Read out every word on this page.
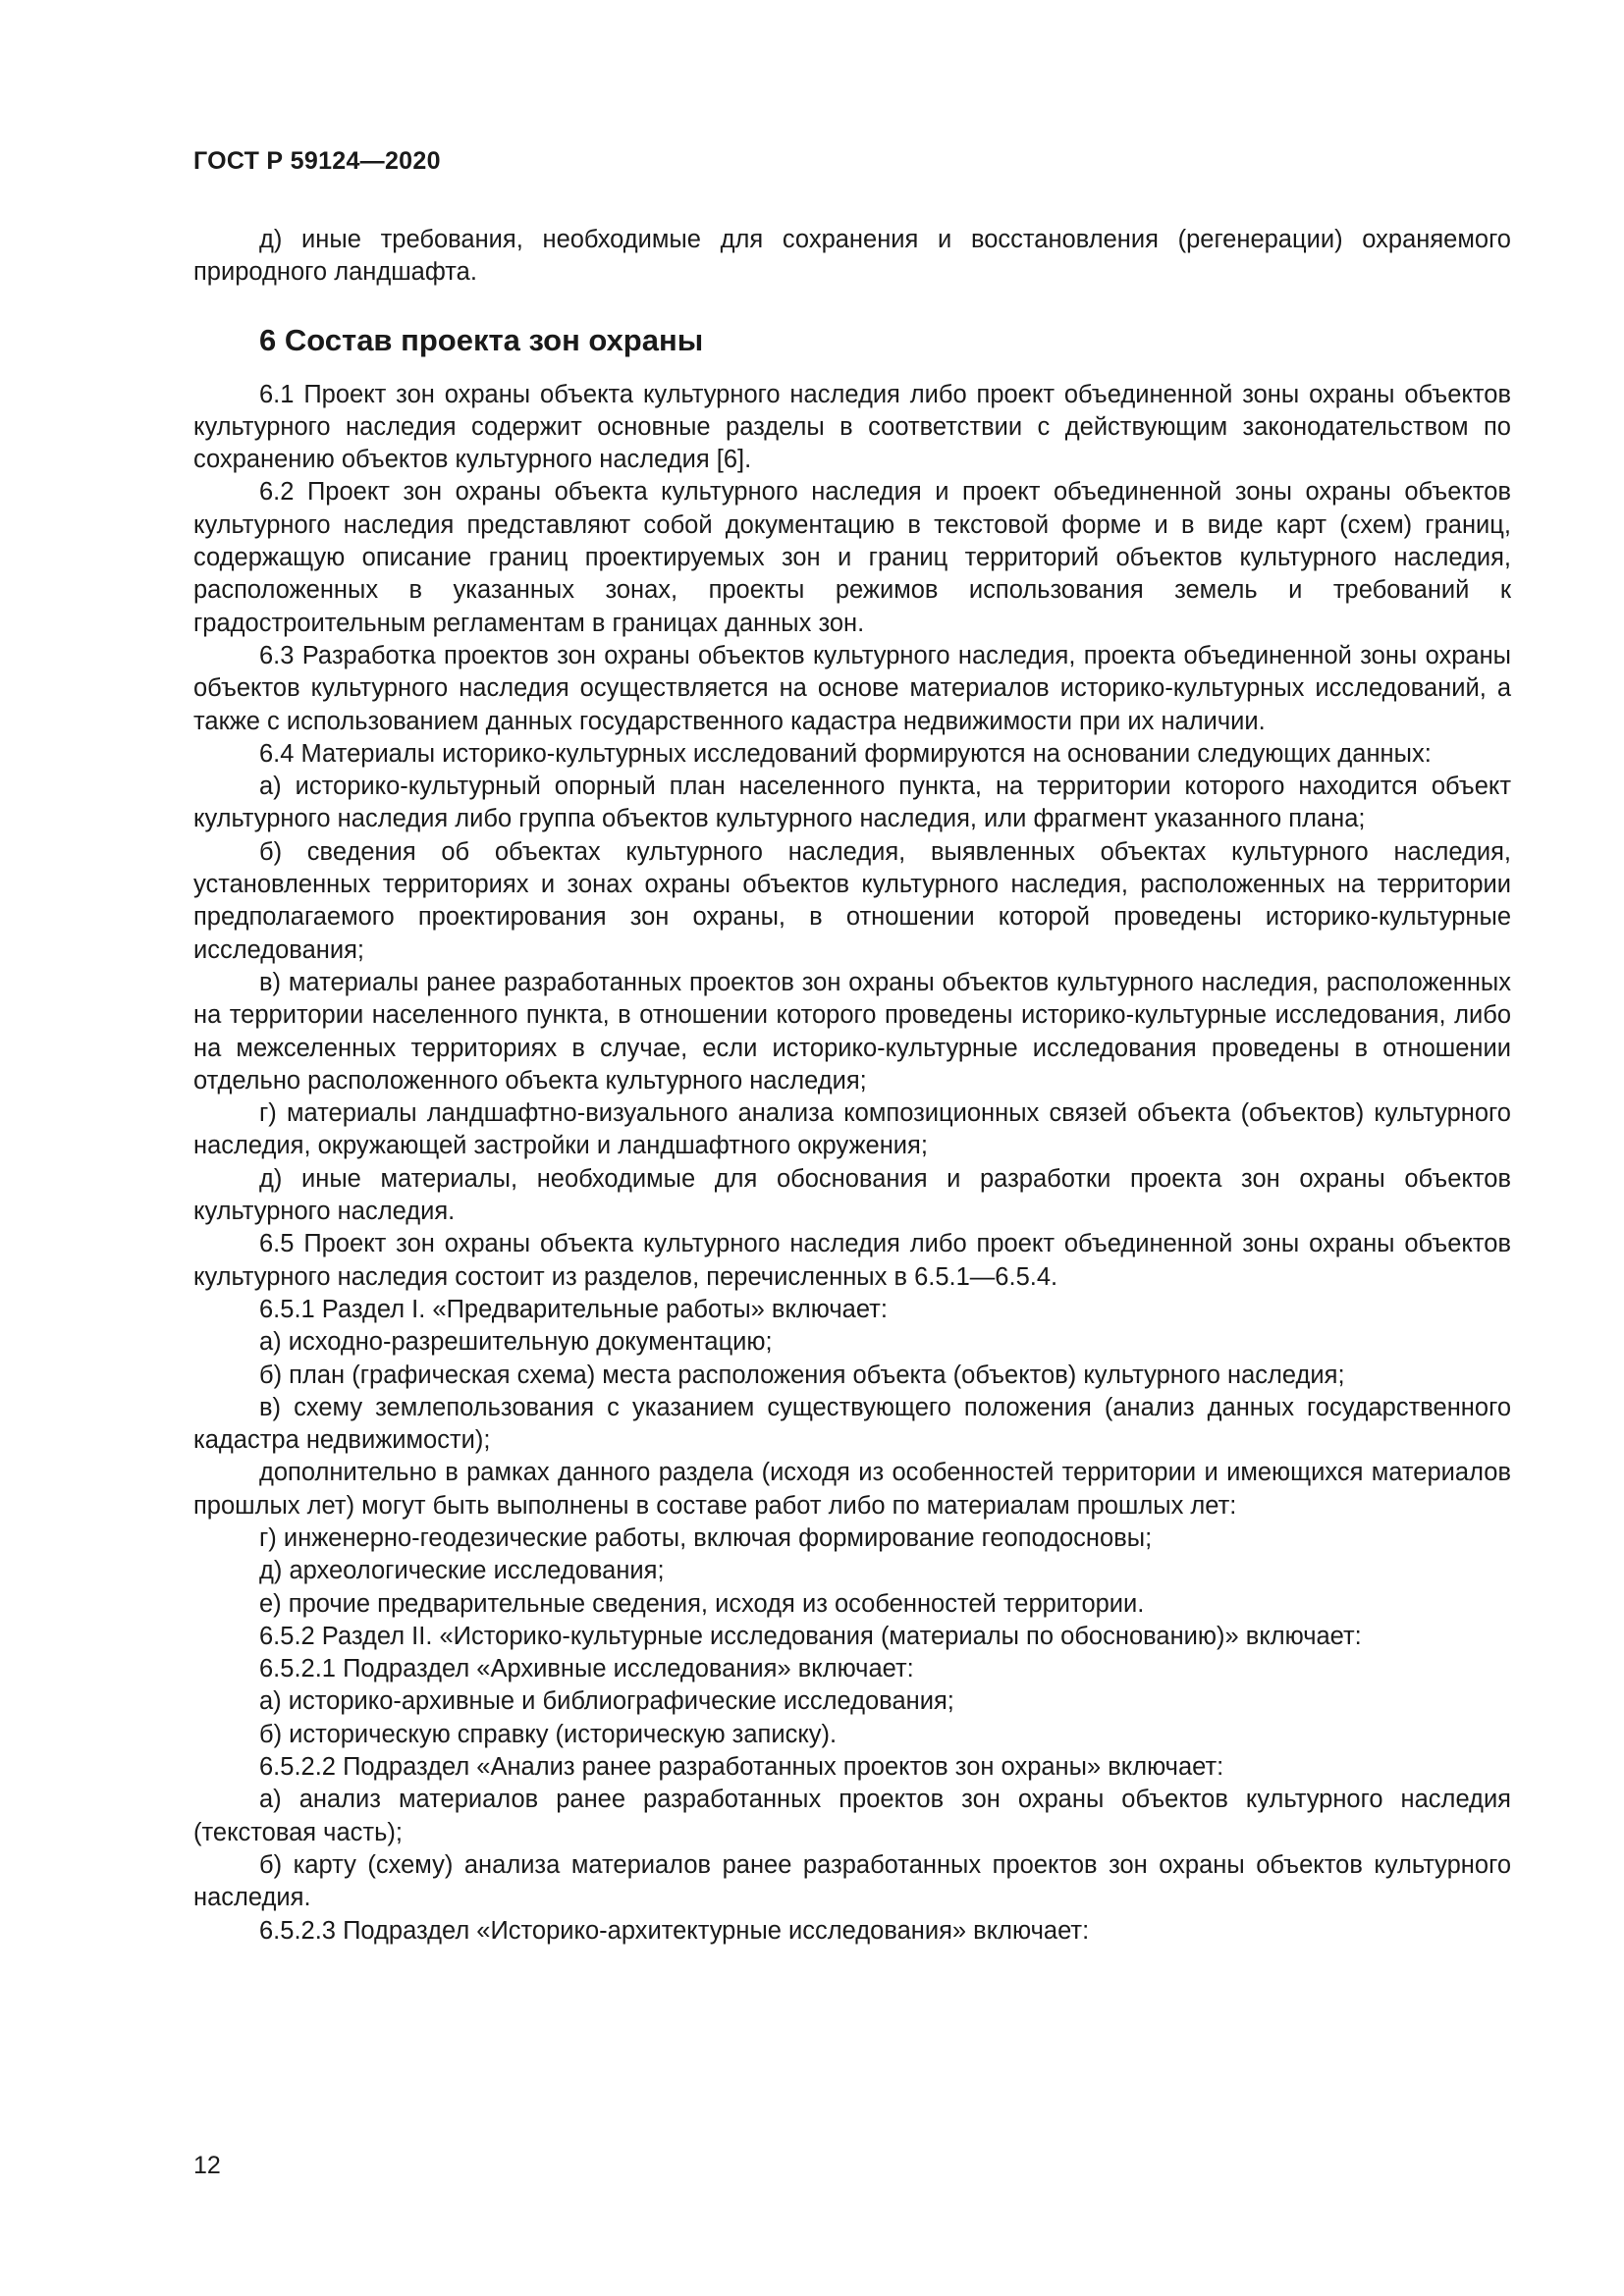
ГОСТ Р 59124—2020

д) иные требования, необходимые для сохранения и восстановления (регенерации) охраняемого природного ландшафта.

6 Состав проекта зон охраны

6.1 Проект зон охраны объекта культурного наследия либо проект объединенной зоны охраны объектов культурного наследия содержит основные разделы в соответствии с действующим законодательством по сохранению объектов культурного наследия [6].

6.2 Проект зон охраны объекта культурного наследия и проект объединенной зоны охраны объектов культурного наследия представляют собой документацию в текстовой форме и в виде карт (схем) границ, содержащую описание границ проектируемых зон и границ территорий объектов культурного наследия, расположенных в указанных зонах, проекты режимов использования земель и требований к градостроительным регламентам в границах данных зон.

6.3 Разработка проектов зон охраны объектов культурного наследия, проекта объединенной зоны охраны объектов культурного наследия осуществляется на основе материалов историко-культурных исследований, а также с использованием данных государственного кадастра недвижимости при их наличии.

6.4 Материалы историко-культурных исследований формируются на основании следующих данных:

а) историко-культурный опорный план населенного пункта, на территории которого находится объект культурного наследия либо группа объектов культурного наследия, или фрагмент указанного плана;

б) сведения об объектах культурного наследия, выявленных объектах культурного наследия, установленных территориях и зонах охраны объектов культурного наследия, расположенных на территории предполагаемого проектирования зон охраны, в отношении которой проведены историко-культурные исследования;

в) материалы ранее разработанных проектов зон охраны объектов культурного наследия, расположенных на территории населенного пункта, в отношении которого проведены историко-культурные исследования, либо на межселенных территориях в случае, если историко-культурные исследования проведены в отношении отдельно расположенного объекта культурного наследия;

г) материалы ландшафтно-визуального анализа композиционных связей объекта (объектов) культурного наследия, окружающей застройки и ландшафтного окружения;

д) иные материалы, необходимые для обоснования и разработки проекта зон охраны объектов культурного наследия.

6.5 Проект зон охраны объекта культурного наследия либо проект объединенной зоны охраны объектов культурного наследия состоит из разделов, перечисленных в 6.5.1—6.5.4.

6.5.1 Раздел I. «Предварительные работы» включает:

а) исходно-разрешительную документацию;

б) план (графическая схема) места расположения объекта (объектов) культурного наследия;

в) схему землепользования с указанием существующего положения (анализ данных государственного кадастра недвижимости);

дополнительно в рамках данного раздела (исходя из особенностей территории и имеющихся материалов прошлых лет) могут быть выполнены в составе работ либо по материалам прошлых лет:

г) инженерно-геодезические работы, включая формирование геоподосновы;

д) археологические исследования;

е) прочие предварительные сведения, исходя из особенностей территории.

6.5.2 Раздел II. «Историко-культурные исследования (материалы по обоснованию)» включает:

6.5.2.1 Подраздел «Архивные исследования» включает:

а) историко-архивные и библиографические исследования;

б) историческую справку (историческую записку).

6.5.2.2 Подраздел «Анализ ранее разработанных проектов зон охраны» включает:

а) анализ материалов ранее разработанных проектов зон охраны объектов культурного наследия (текстовая часть);

б) карту (схему) анализа материалов ранее разработанных проектов зон охраны объектов культурного наследия.

6.5.2.3 Подраздел «Историко-архитектурные исследования» включает:

12
